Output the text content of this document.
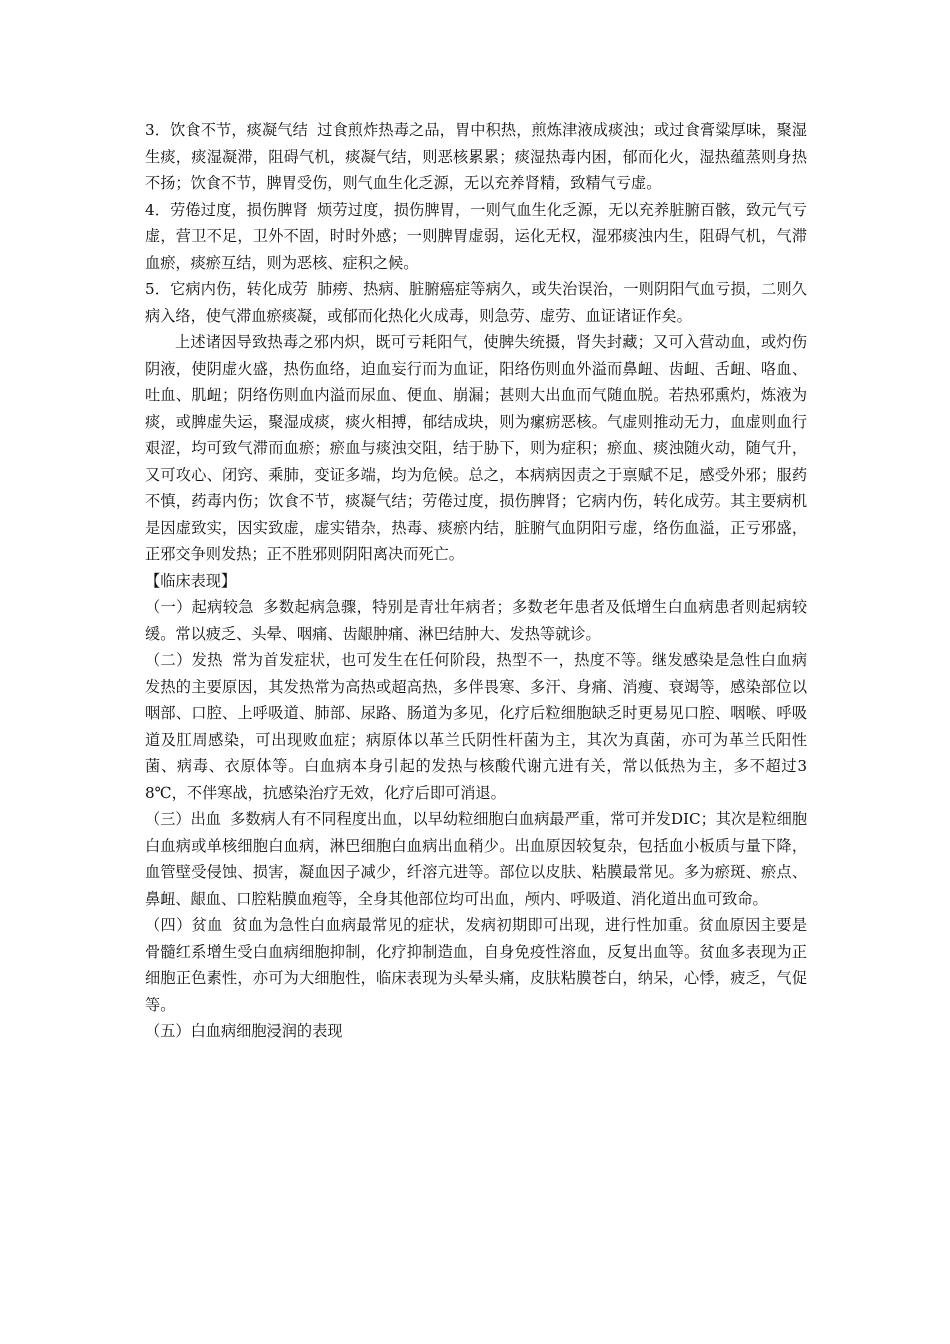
3．饮食不节，痰凝气结 过食煎炸热毒之品，胃中积热，煎炼津液成痰浊；或过食膏粱厚味，聚湿生痰，痰湿凝滞，阻碍气机，痰凝气结，则恶核累累；痰湿热毒内困，郁而化火，湿热蕴蒸则身热不扬；饮食不节，脾胃受伤，则气血生化乏源，无以充养肾精，致精气亏虚。

4．劳倦过度，损伤脾肾 烦劳过度，损伤脾胃，一则气血生化乏源，无以充养脏腑百骸，致元气亏虚，营卫不足，卫外不固，时时外感；一则脾胃虚弱，运化无权，湿邪痰浊内生，阻碍气机，气滞血瘀，痰瘀互结，则为恶核、症积之候。

5．它病内伤，转化成劳 肺痨、热病、脏腑癌症等病久，或失治误治，一则阴阳气血亏损，二则久病入络，使气滞血瘀痰凝，或郁而化热化火成毒，则急劳、虚劳、血证诸证作矣。

上述诸因导致热毒之邪内炽，既可亏耗阳气，使脾失统摄，肾失封藏；又可入营动血，或灼伤阴液，使阴虚火盛，热伤血络，迫血妄行而为血证，阳络伤则血外溢而鼻衄、齿衄、舌衄、咯血、吐血、肌衄；阴络伤则血内溢而尿血、便血、崩漏；甚则大出血而气随血脱。若热邪熏灼，炼液为痰，或脾虚失运，聚湿成痰，痰火相搏，郁结成块，则为瘰疬恶核。气虚则推动无力，血虚则血行艰涩，均可致气滞而血瘀；瘀血与痰浊交阻，结于胁下，则为症积；瘀血、痰浊随火动，随气升，又可攻心、闭窍、乘肺，变证多端，均为危候。总之，本病病因责之于禀赋不足，感受外邪；服药不慎，药毒内伤；饮食不节，痰凝气结；劳倦过度，损伤脾肾；它病内伤，转化成劳。其主要病机是因虚致实，因实致虚，虚实错杂，热毒、痰瘀内结，脏腑气血阴阳亏虚，络伤血溢，正亏邪盛，正邪交争则发热；正不胜邪则阴阳离决而死亡。

【临床表现】

（一）起病较急 多数起病急骤，特别是青壮年病者；多数老年患者及低增生白血病患者则起病较缓。常以疲乏、头晕、咽痛、齿龈肿痛、淋巴结肿大、发热等就诊。

（二）发热 常为首发症状，也可发生在任何阶段，热型不一，热度不等。继发感染是急性白血病发热的主要原因，其发热常为高热或超高热，多伴畏寒、多汗、身痛、消瘦、衰竭等，感染部位以咽部、口腔、上呼吸道、肺部、尿路、肠道为多见，化疗后粒细胞缺乏时更易见口腔、咽喉、呼吸道及肛周感染，可出现败血症；病原体以革兰氏阴性杆菌为主，其次为真菌，亦可为革兰氏阳性菌、病毒、衣原体等。白血病本身引起的发热与核酸代谢亢进有关，常以低热为主，多不超过38℃，不伴寒战，抗感染治疗无效，化疗后即可消退。

（三）出血 多数病人有不同程度出血，以早幼粒细胞白血病最严重，常可并发DIC；其次是粒细胞白血病或单核细胞白血病，淋巴细胞白血病出血稍少。出血原因较复杂，包括血小板质与量下降，血管壁受侵蚀、损害，凝血因子减少，纤溶亢进等。部位以皮肤、粘膜最常见。多为瘀斑、瘀点、鼻衄、龈血、口腔粘膜血疱等，全身其他部位均可出血，颅内、呼吸道、消化道出血可致命。

（四）贫血 贫血为急性白血病最常见的症状，发病初期即可出现，进行性加重。贫血原因主要是骨髓红系增生受白血病细胞抑制，化疗抑制造血，自身免疫性溶血，反复出血等。贫血多表现为正细胞正色素性，亦可为大细胞性，临床表现为头晕头痛，皮肤粘膜苍白，纳呆，心悸，疲乏，气促等。

（五）白血病细胞浸润的表现
